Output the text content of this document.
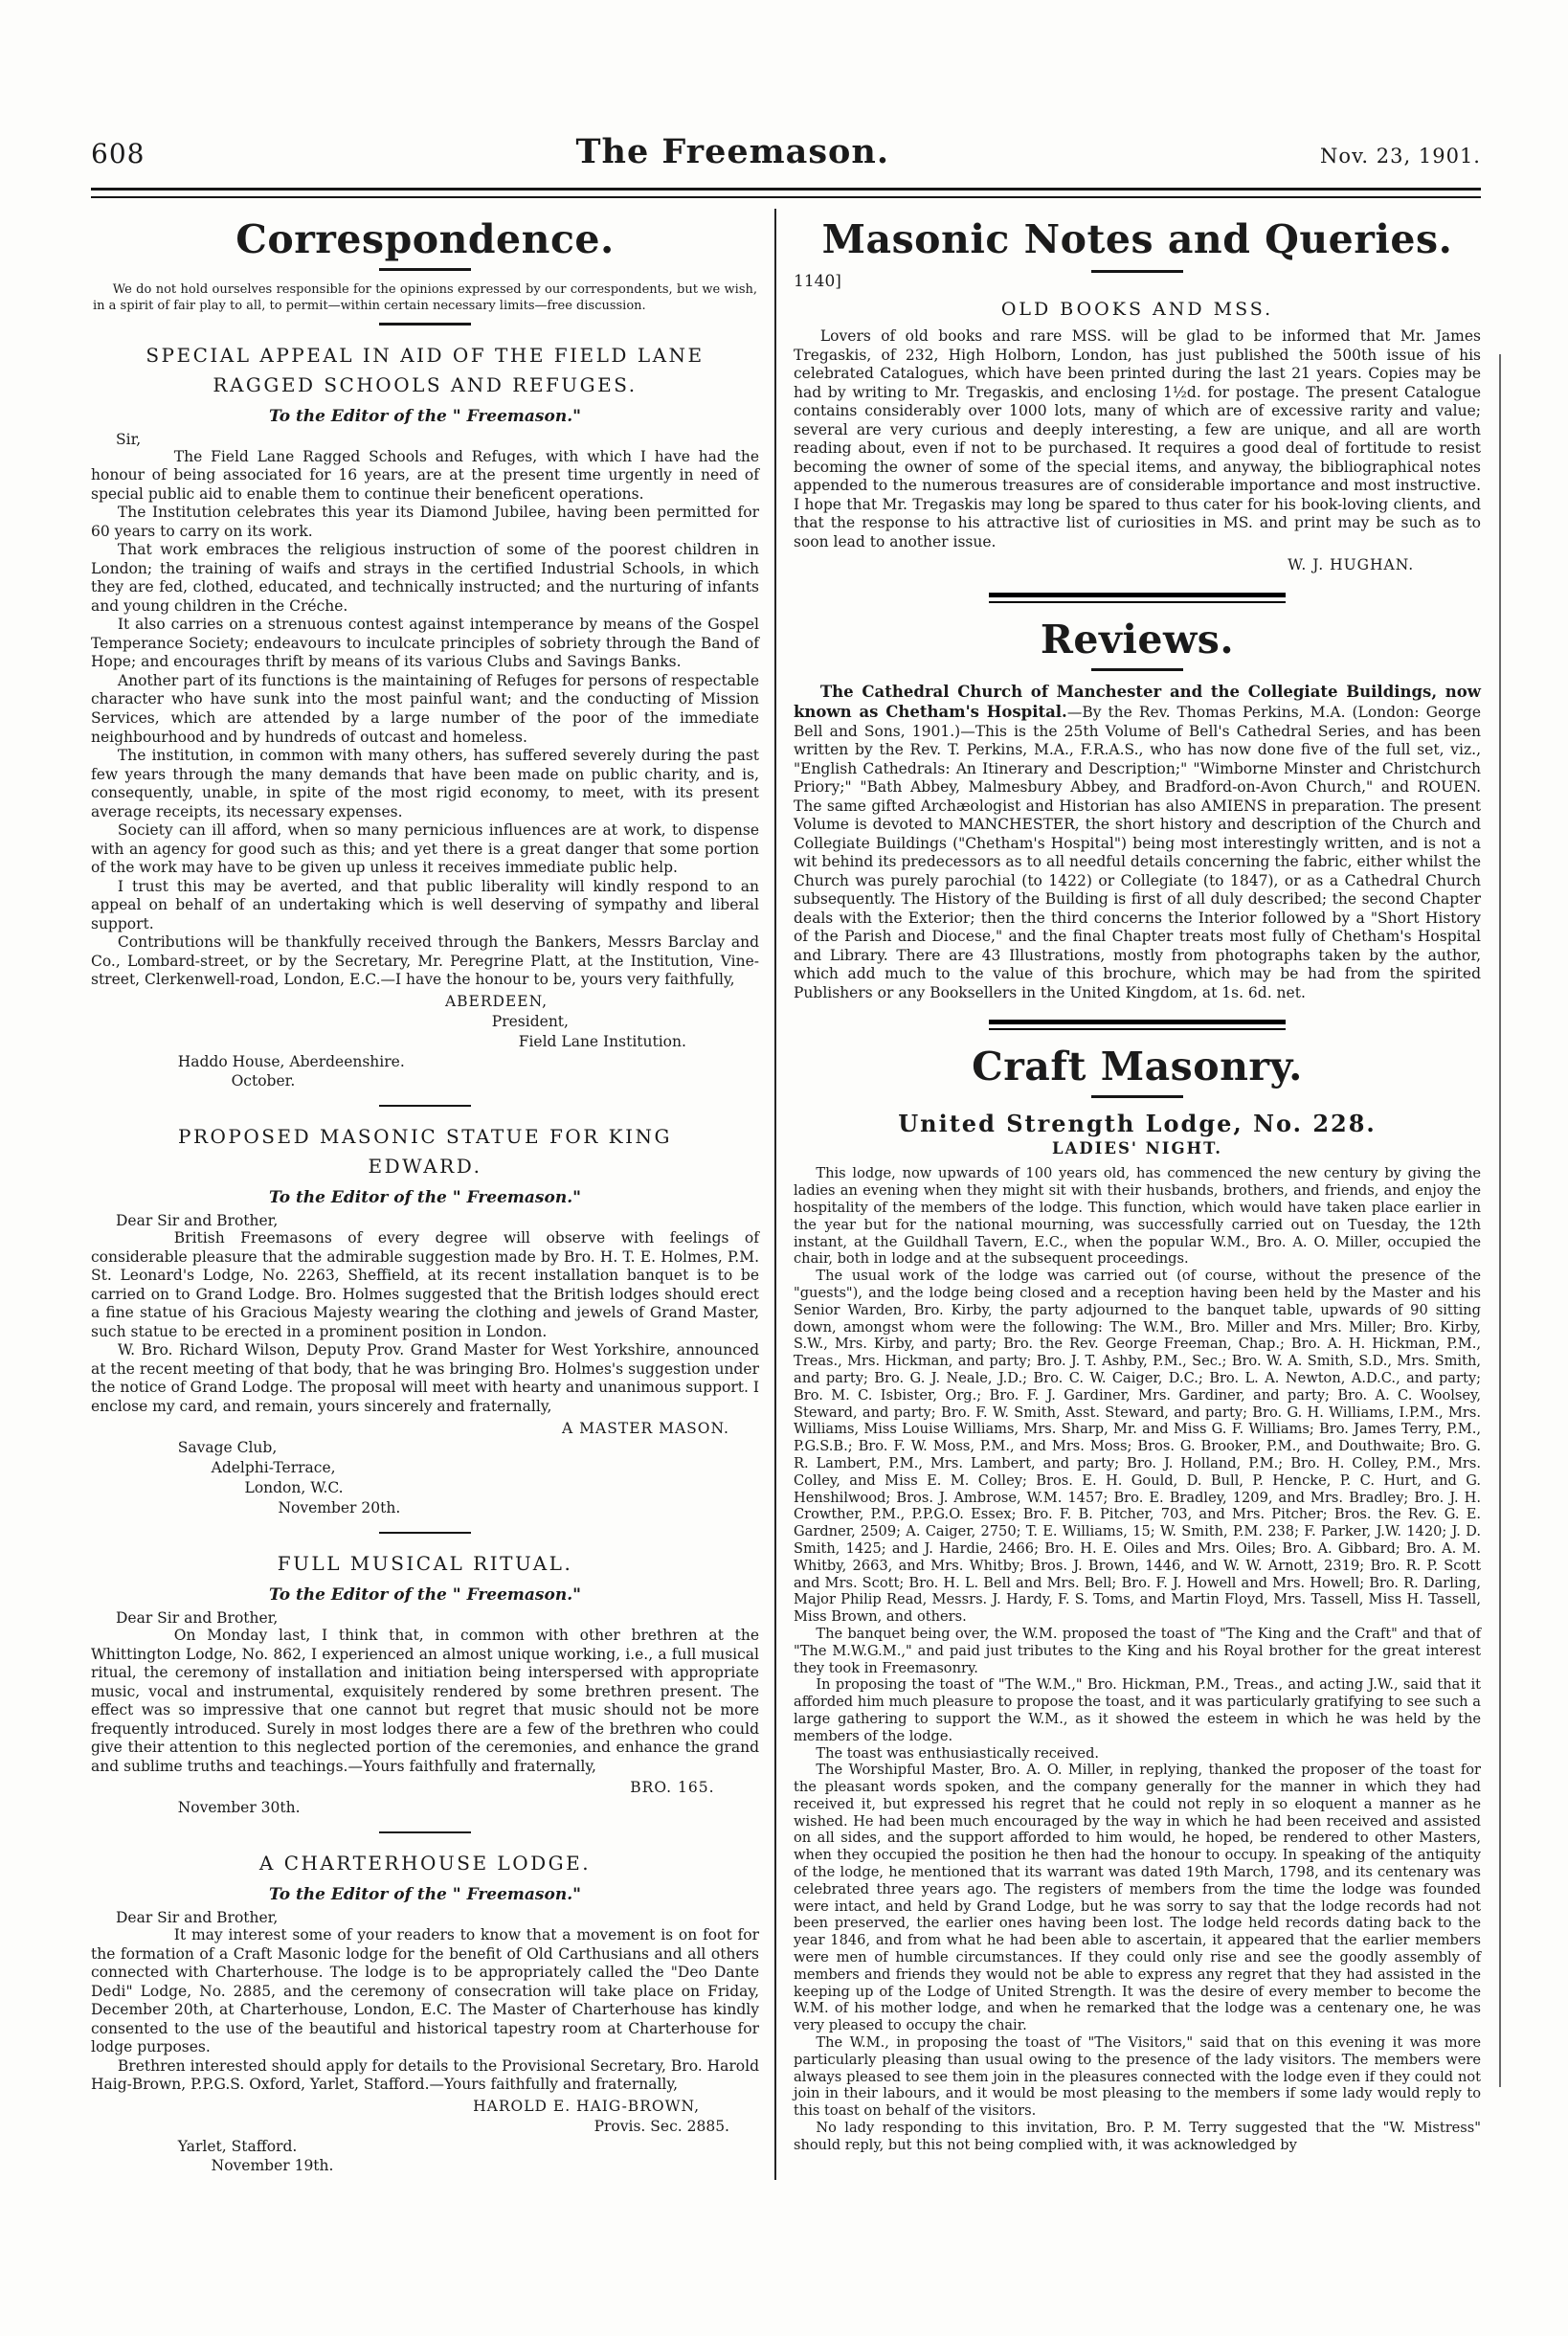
608	The Freemason.	Nov. 23, 1901.
Correspondence.

We do not hold ourselves responsible for the opinions expressed by our correspondents, but we wish, in a spirit of fair play to all, to permit—within certain necessary limits—free discussion.

SPECIAL APPEAL IN AID OF THE FIELD LANE RAGGED SCHOOLS AND REFUGES.

To the Editor of the " Freemason."

Sir,

The Field Lane Ragged Schools and Refuges, with which I have had the honour of being associated for 16 years, are at the present time urgently in need of special public aid to enable them to continue their beneficent operations.

The Institution celebrates this year its Diamond Jubilee, having been permitted for 60 years to carry on its work.

That work embraces the religious instruction of some of the poorest children in London; the training of waifs and strays in the certified Industrial Schools, in which they are fed, clothed, educated, and technically instructed; and the nurturing of infants and young children in the Créche.

It also carries on a strenuous contest against intemperance by means of the Gospel Temperance Society; endeavours to inculcate principles of sobriety through the Band of Hope; and encourages thrift by means of its various Clubs and Savings Banks.

Another part of its functions is the maintaining of Refuges for persons of respectable character who have sunk into the most painful want; and the conducting of Mission Services, which are attended by a large number of the poor of the immediate neighbourhood and by hundreds of outcast and homeless.

The institution, in common with many others, has suffered severely during the past few years through the many demands that have been made on public charity, and is, consequently, unable, in spite of the most rigid economy, to meet, with its present average receipts, its necessary expenses.

Society can ill afford, when so many pernicious influences are at work, to dispense with an agency for good such as this; and yet there is a great danger that some portion of the work may have to be given up unless it receives immediate public help.

I trust this may be averted, and that public liberality will kindly respond to an appeal on behalf of an undertaking which is well deserving of sympathy and liberal support.

Contributions will be thankfully received through the Bankers, Messrs Barclay and Co., Lombard-street, or by the Secretary, Mr. Peregrine Platt, at the Institution, Vine-street, Clerkenwell-road, London, E.C.—I have the honour to be, yours very faithfully,

ABERDEEN,
President,
Field Lane Institution.
Haddo House, Aberdeenshire.
October.
PROPOSED MASONIC STATUE FOR KING EDWARD.

To the Editor of the " Freemason."

Dear Sir and Brother,

British Freemasons of every degree will observe with feelings of considerable pleasure that the admirable suggestion made by Bro. H. T. E. Holmes, P.M. St. Leonard's Lodge, No. 2263, Sheffield, at its recent installation banquet is to be carried on to Grand Lodge. Bro. Holmes suggested that the British lodges should erect a fine statue of his Gracious Majesty wearing the clothing and jewels of Grand Master, such statue to be erected in a prominent position in London.

W. Bro. Richard Wilson, Deputy Prov. Grand Master for West Yorkshire, announced at the recent meeting of that body, that he was bringing Bro. Holmes's suggestion under the notice of Grand Lodge. The proposal will meet with hearty and unanimous support. I enclose my card, and remain, yours sincerely and fraternally,

A MASTER MASON.
Savage Club,
Adelphi-Terrace,
London, W.C.
November 20th.
FULL MUSICAL RITUAL.

To the Editor of the " Freemason."

Dear Sir and Brother,

On Monday last, I think that, in common with other brethren at the Whittington Lodge, No. 862, I experienced an almost unique working, i.e., a full musical ritual, the ceremony of installation and initiation being interspersed with appropriate music, vocal and instrumental, exquisitely rendered by some brethren present. The effect was so impressive that one cannot but regret that music should not be more frequently introduced. Surely in most lodges there are a few of the brethren who could give their attention to this neglected portion of the ceremonies, and enhance the grand and sublime truths and teachings.—Yours faithfully and fraternally,

BRO. 165.
November 30th.
A CHARTERHOUSE LODGE.

To the Editor of the " Freemason."

Dear Sir and Brother,

It may interest some of your readers to know that a movement is on foot for the formation of a Craft Masonic lodge for the benefit of Old Carthusians and all others connected with Charterhouse. The lodge is to be appropriately called the "Deo Dante Dedi" Lodge, No. 2885, and the ceremony of consecration will take place on Friday, December 20th, at Charterhouse, London, E.C. The Master of Charterhouse has kindly consented to the use of the beautiful and historical tapestry room at Charterhouse for lodge purposes.

Brethren interested should apply for details to the Provisional Secretary, Bro. Harold Haig-Brown, P.P.G.S. Oxford, Yarlet, Stafford.—Yours faithfully and fraternally,

HAROLD E. HAIG-BROWN,
Provis. Sec. 2885.
Yarlet, Stafford.
November 19th.
Masonic Notes and Queries.
1140]
OLD BOOKS AND MSS.

Lovers of old books and rare MSS. will be glad to be informed that Mr. James Tregaskis, of 232, High Holborn, London, has just published the 500th issue of his celebrated Catalogues, which have been printed during the last 21 years. Copies may be had by writing to Mr. Tregaskis, and enclosing 1½d. for postage. The present Catalogue contains considerably over 1000 lots, many of which are of excessive rarity and value; several are very curious and deeply interesting, a few are unique, and all are worth reading about, even if not to be purchased. It requires a good deal of fortitude to resist becoming the owner of some of the special items, and anyway, the bibliographical notes appended to the numerous treasures are of considerable importance and most instructive. I hope that Mr. Tregaskis may long be spared to thus cater for his book-loving clients, and that the response to his attractive list of curiosities in MS. and print may be such as to soon lead to another issue.

W. J. HUGHAN.
Reviews.

The Cathedral Church of Manchester and the Collegiate Buildings, now known as Chetham's Hospital.—By the Rev. Thomas Perkins, M.A. (London: George Bell and Sons, 1901.)—This is the 25th Volume of Bell's Cathedral Series, and has been written by the Rev. T. Perkins, M.A., F.R.A.S., who has now done five of the full set, viz., "English Cathedrals: An Itinerary and Description;" "Wimborne Minster and Christchurch Priory;" "Bath Abbey, Malmesbury Abbey, and Bradford-on-Avon Church," and ROUEN. The same gifted Archæologist and Historian has also AMIENS in preparation. The present Volume is devoted to MANCHESTER, the short history and description of the Church and Collegiate Buildings ("Chetham's Hospital") being most interestingly written, and is not a wit behind its predecessors as to all needful details concerning the fabric, either whilst the Church was purely parochial (to 1422) or Collegiate (to 1847), or as a Cathedral Church subsequently. The History of the Building is first of all duly described; the second Chapter deals with the Exterior; then the third concerns the Interior followed by a "Short History of the Parish and Diocese," and the final Chapter treats most fully of Chetham's Hospital and Library. There are 43 Illustrations, mostly from photographs taken by the author, which add much to the value of this brochure, which may be had from the spirited Publishers or any Booksellers in the United Kingdom, at 1s. 6d. net.

Craft Masonry.
United Strength Lodge, No. 228.
LADIES' NIGHT.

This lodge, now upwards of 100 years old, has commenced the new century by giving the ladies an evening when they might sit with their husbands, brothers, and friends, and enjoy the hospitality of the members of the lodge. This function, which would have taken place earlier in the year but for the national mourning, was successfully carried out on Tuesday, the 12th instant, at the Guildhall Tavern, E.C., when the popular W.M., Bro. A. O. Miller, occupied the chair, both in lodge and at the subsequent proceedings.

The usual work of the lodge was carried out (of course, without the presence of the "guests"), and the lodge being closed and a reception having been held by the Master and his Senior Warden, Bro. Kirby, the party adjourned to the banquet table, upwards of 90 sitting down, amongst whom were the following: The W.M., Bro. Miller and Mrs. Miller; Bro. Kirby, S.W., Mrs. Kirby, and party; Bro. the Rev. George Freeman, Chap.; Bro. A. H. Hickman, P.M., Treas., Mrs. Hickman, and party; Bro. J. T. Ashby, P.M., Sec.; Bro. W. A. Smith, S.D., Mrs. Smith, and party; Bro. G. J. Neale, J.D.; Bro. C. W. Caiger, D.C.; Bro. L. A. Newton, A.D.C., and party; Bro. M. C. Isbister, Org.; Bro. F. J. Gardiner, Mrs. Gardiner, and party; Bro. A. C. Woolsey, Steward, and party; Bro. F. W. Smith, Asst. Steward, and party; Bro. G. H. Williams, I.P.M., Mrs. Williams, Miss Louise Williams, Mrs. Sharp, Mr. and Miss G. F. Williams; Bro. James Terry, P.M., P.G.S.B.; Bro. F. W. Moss, P.M., and Mrs. Moss; Bros. G. Brooker, P.M., and Douthwaite; Bro. G. R. Lambert, P.M., Mrs. Lambert, and party; Bro. J. Holland, P.M.; Bro. H. Colley, P.M., Mrs. Colley, and Miss E. M. Colley; Bros. E. H. Gould, D. Bull, P. Hencke, P. C. Hurt, and G. Henshilwood; Bros. J. Ambrose, W.M. 1457; Bro. E. Bradley, 1209, and Mrs. Bradley; Bro. J. H. Crowther, P.M., P.P.G.O. Essex; Bro. F. B. Pitcher, 703, and Mrs. Pitcher; Bros. the Rev. G. E. Gardner, 2509; A. Caiger, 2750; T. E. Williams, 15; W. Smith, P.M. 238; F. Parker, J.W. 1420; J. D. Smith, 1425; and J. Hardie, 2466; Bro. H. E. Oiles and Mrs. Oiles; Bro. A. Gibbard; Bro. A. M. Whitby, 2663, and Mrs. Whitby; Bros. J. Brown, 1446, and W. W. Arnott, 2319; Bro. R. P. Scott and Mrs. Scott; Bro. H. L. Bell and Mrs. Bell; Bro. F. J. Howell and Mrs. Howell; Bro. R. Darling, Major Philip Read, Messrs. J. Hardy, F. S. Toms, and Martin Floyd, Mrs. Tassell, Miss H. Tassell, Miss Brown, and others.

The banquet being over, the W.M. proposed the toast of "The King and the Craft" and that of "The M.W.G.M.," and paid just tributes to the King and his Royal brother for the great interest they took in Freemasonry.

In proposing the toast of "The W.M.," Bro. Hickman, P.M., Treas., and acting J.W., said that it afforded him much pleasure to propose the toast, and it was particularly gratifying to see such a large gathering to support the W.M., as it showed the esteem in which he was held by the members of the lodge.

The toast was enthusiastically received.

The Worshipful Master, Bro. A. O. Miller, in replying, thanked the proposer of the toast for the pleasant words spoken, and the company generally for the manner in which they had received it, but expressed his regret that he could not reply in so eloquent a manner as he wished. He had been much encouraged by the way in which he had been received and assisted on all sides, and the support afforded to him would, he hoped, be rendered to other Masters, when they occupied the position he then had the honour to occupy. In speaking of the antiquity of the lodge, he mentioned that its warrant was dated 19th March, 1798, and its centenary was celebrated three years ago. The registers of members from the time the lodge was founded were intact, and held by Grand Lodge, but he was sorry to say that the lodge records had not been preserved, the earlier ones having been lost. The lodge held records dating back to the year 1846, and from what he had been able to ascertain, it appeared that the earlier members were men of humble circumstances. If they could only rise and see the goodly assembly of members and friends they would not be able to express any regret that they had assisted in the keeping up of the Lodge of United Strength. It was the desire of every member to become the W.M. of his mother lodge, and when he remarked that the lodge was a centenary one, he was very pleased to occupy the chair.

The W.M., in proposing the toast of "The Visitors," said that on this evening it was more particularly pleasing than usual owing to the presence of the lady visitors. The members were always pleased to see them join in the pleasures connected with the lodge even if they could not join in their labours, and it would be most pleasing to the members if some lady would reply to this toast on behalf of the visitors.

No lady responding to this invitation, Bro. P. M. Terry suggested that the "W. Mistress" should reply, but this not being complied with, it was acknowledged by
